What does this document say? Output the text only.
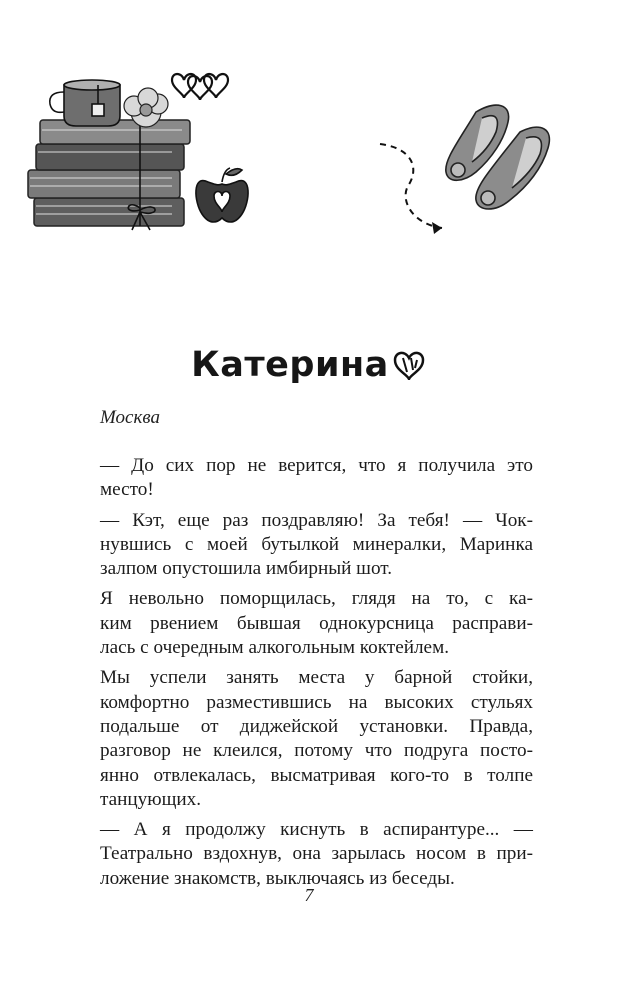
Катерина
Москва

— До сих пор не верится, что я получила это
место!

— Кэт, еще раз поздравляю! За тебя! — Чок-
нувшись с моей бутылкой минералки, Маринка
залпом опустошила имбирный шот.

Я невольно поморщилась, глядя на то, с ка-
ким рвением бывшая однокурсница расправи-
лась с очередным алкогольным коктейлем.

Мы успели занять места у барной стойки,
комфортно разместившись на высоких стульях
подальше от диджейской установки. Правда,
разговор не клеился, потому что подруга посто-
янно отвлекалась, высматривая кого-то в толпе
танцующих.

— А я продолжу киснуть в аспирантуре... —
Театрально вздохнув, она зарылась носом в при-
ложение знакомств, выключаясь из беседы.

7
